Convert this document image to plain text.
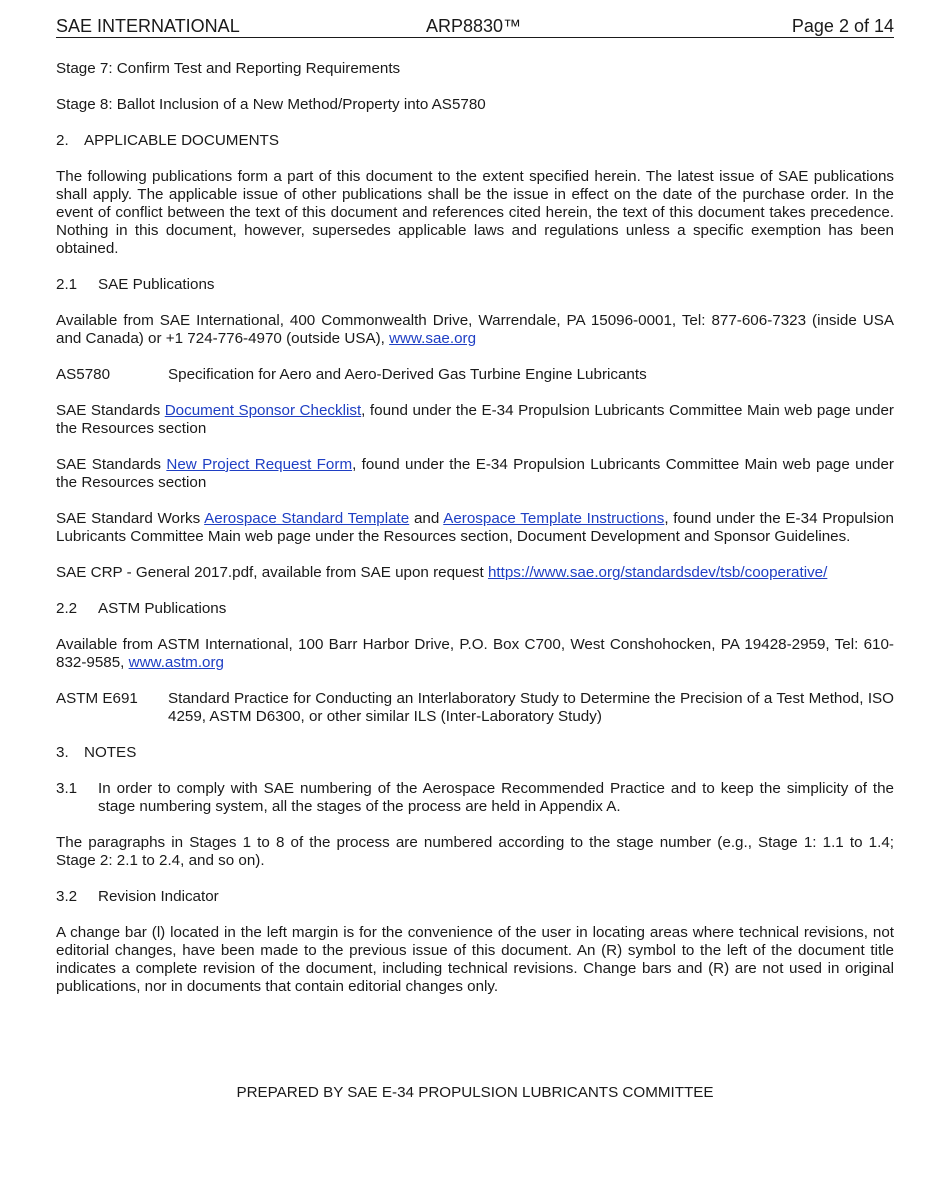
SAE INTERNATIONAL	ARP8830™	Page 2 of 14

Stage 7: Confirm Test and Reporting Requirements

Stage 8: Ballot Inclusion of a New Method/Property into AS5780

2. APPLICABLE DOCUMENTS

The following publications form a part of this document to the extent specified herein. The latest issue of SAE publications shall apply. The applicable issue of other publications shall be the issue in effect on the date of the purchase order. In the event of conflict between the text of this document and references cited herein, the text of this document takes precedence. Nothing in this document, however, supersedes applicable laws and regulations unless a specific exemption has been obtained.

2.1 SAE Publications

Available from SAE International, 400 Commonwealth Drive, Warrendale, PA 15096-0001, Tel: 877-606-7323 (inside USA and Canada) or +1 724-776-4970 (outside USA), www.sae.org

AS5780	Specification for Aero and Aero-Derived Gas Turbine Engine Lubricants

SAE Standards Document Sponsor Checklist, found under the E-34 Propulsion Lubricants Committee Main web page under the Resources section

SAE Standards New Project Request Form, found under the E-34 Propulsion Lubricants Committee Main web page under the Resources section

SAE Standard Works Aerospace Standard Template and Aerospace Template Instructions, found under the E-34 Propulsion Lubricants Committee Main web page under the Resources section, Document Development and Sponsor Guidelines.

SAE CRP - General 2017.pdf, available from SAE upon request https://www.sae.org/standardsdev/tsb/cooperative/

2.2 ASTM Publications

Available from ASTM International, 100 Barr Harbor Drive, P.O. Box C700, West Conshohocken, PA 19428-2959, Tel: 610-832-9585, www.astm.org

ASTM E691	Standard Practice for Conducting an Interlaboratory Study to Determine the Precision of a Test Method, ISO 4259, ASTM D6300, or other similar ILS (Inter-Laboratory Study)

3. NOTES

3.1	In order to comply with SAE numbering of the Aerospace Recommended Practice and to keep the simplicity of the stage numbering system, all the stages of the process are held in Appendix A.

The paragraphs in Stages 1 to 8 of the process are numbered according to the stage number (e.g., Stage 1: 1.1 to 1.4; Stage 2: 2.1 to 2.4, and so on).

3.2 Revision Indicator

A change bar (l) located in the left margin is for the convenience of the user in locating areas where technical revisions, not editorial changes, have been made to the previous issue of this document. An (R) symbol to the left of the document title indicates a complete revision of the document, including technical revisions. Change bars and (R) are not used in original publications, nor in documents that contain editorial changes only.

PREPARED BY SAE E-34 PROPULSION LUBRICANTS COMMITTEE
